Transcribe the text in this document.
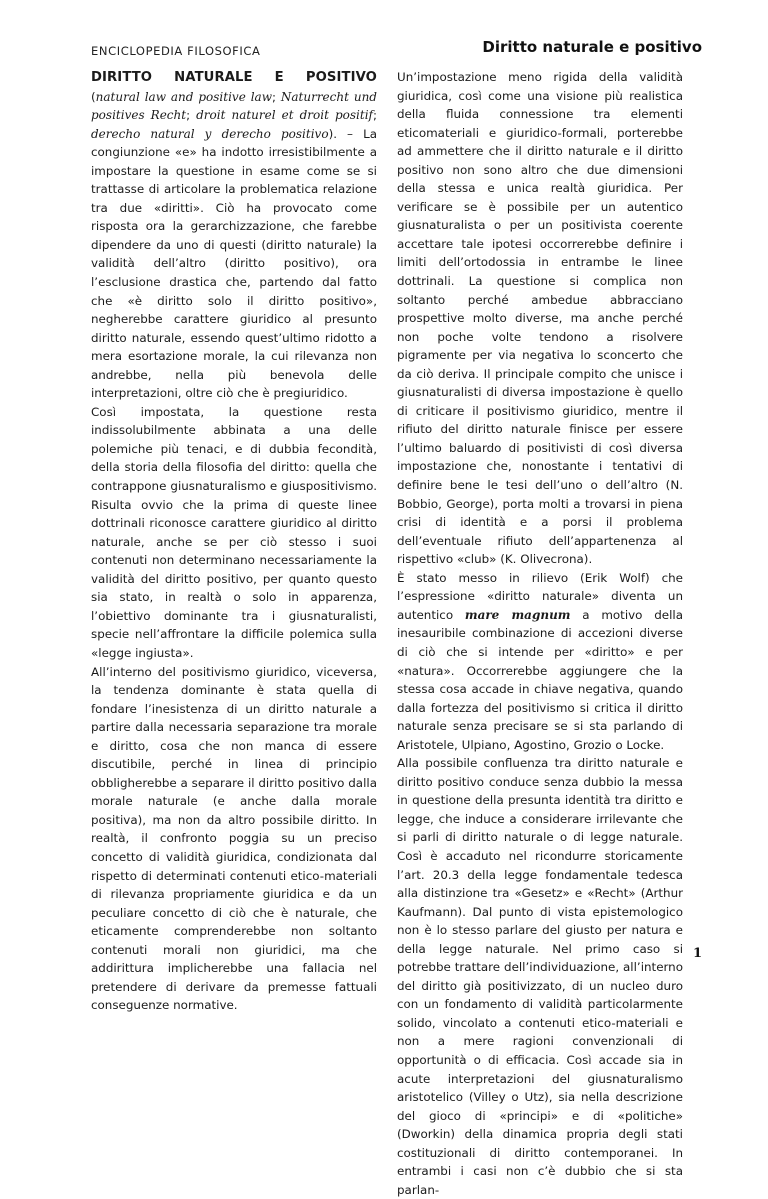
ENCICLOPEDIA FILOSOFICA	Diritto naturale e positivo

DIRITTO NATURALE E POSITIVO (natural law and positive law; Naturrecht und positives Recht; droit naturel et droit positif; derecho natural y derecho positivo). – La congiunzione «e» ha indotto irresistibilmente a impostare la questione in esame come se si trattasse di articolare la problematica relazione tra due «diritti». Ciò ha provocato come risposta ora la gerarchizzazione, che farebbe dipendere da uno di questi (diritto naturale) la validità dell’altro (diritto positivo), ora l’esclusione drastica che, partendo dal fatto che «è diritto solo il diritto positivo», negherebbe carattere giuridico al presunto diritto naturale, essendo quest’ultimo ridotto a mera esortazione morale, la cui rilevanza non andrebbe, nella più benevola delle interpretazioni, oltre ciò che è pregiuridico.

Così impostata, la questione resta indissolubilmente abbinata a una delle polemiche più tenaci, e di dubbia fecondità, della storia della filosofia del diritto: quella che contrappone giusnaturalismo e giuspositivismo. Risulta ovvio che la prima di queste linee dottrinali riconosce carattere giuridico al diritto naturale, anche se per ciò stesso i suoi contenuti non determinano necessariamente la validità del diritto positivo, per quanto questo sia stato, in realtà o solo in apparenza, l’obiettivo dominante tra i giusnaturalisti, specie nell’affrontare la difficile polemica sulla «legge ingiusta».

All’interno del positivismo giuridico, viceversa, la tendenza dominante è stata quella di fondare l’inesistenza di un diritto naturale a partire dalla necessaria separazione tra morale e diritto, cosa che non manca di essere discutibile, perché in linea di principio obbligherebbe a separare il diritto positivo dalla morale naturale (e anche dalla morale positiva), ma non da altro possibile diritto. In realtà, il confronto poggia su un preciso concetto di validità giuridica, condizionata dal rispetto di determinati contenuti etico-materiali di rilevanza propriamente giuridica e da un peculiare concetto di ciò che è naturale, che eticamente comprenderebbe non soltanto contenuti morali non giuridici, ma che addirittura implicherebbe una fallacia nel pretendere di derivare da premesse fattuali conseguenze normative.

Un’impostazione meno rigida della validità giuridica, così come una visione più realistica della fluida connessione tra elementi eticomateriali e giuridico-formali, porterebbe ad ammettere che il diritto naturale e il diritto positivo non sono altro che due dimensioni della stessa e unica realtà giuridica. Per verificare se è possibile per un autentico giusnaturalista o per un positivista coerente accettare tale ipotesi occorrerebbe definire i limiti dell’ortodossia in entrambe le linee dottrinali. La questione si complica non soltanto perché ambedue abbracciano prospettive molto diverse, ma anche perché non poche volte tendono a risolvere pigramente per via negativa lo sconcerto che da ciò deriva. Il principale compito che unisce i giusnaturalisti di diversa impostazione è quello di criticare il positivismo giuridico, mentre il rifiuto del diritto naturale finisce per essere l’ultimo baluardo di positivisti di così diversa impostazione che, nonostante i tentativi di definire bene le tesi dell’uno o dell’altro (N. Bobbio, George), porta molti a trovarsi in piena crisi di identità e a porsi il problema dell’eventuale rifiuto dell’appartenenza al rispettivo «club» (K. Olivecrona).

È stato messo in rilievo (Erik Wolf) che l’espressione «diritto naturale» diventa un autentico mare magnum a motivo della inesauribile combinazione di accezioni diverse di ciò che si intende per «diritto» e per «natura». Occorrerebbe aggiungere che la stessa cosa accade in chiave negativa, quando dalla fortezza del positivismo si critica il diritto naturale senza precisare se si sta parlando di Aristotele, Ulpiano, Agostino, Grozio o Locke.

Alla possibile confluenza tra diritto naturale e diritto positivo conduce senza dubbio la messa in questione della presunta identità tra diritto e legge, che induce a considerare irrilevante che si parli di diritto naturale o di legge naturale. Così è accaduto nel ricondurre storicamente l’art. 20.3 della legge fondamentale tedesca alla distinzione tra «Gesetz» e «Recht» (Arthur Kaufmann). Dal punto di vista epistemologico non è lo stesso parlare del giusto per natura e della legge naturale. Nel primo caso si potrebbe trattare dell’individuazione, all’interno del diritto già positivizzato, di un nucleo duro con un fondamento di validità particolarmente solido, vincolato a contenuti etico-materiali e non a mere ragioni convenzionali di opportunità o di efficacia. Così accade sia in acute interpretazioni del giusnaturalismo aristotelico (Villey o Utz), sia nella descrizione del gioco di «principi» e di «politiche» (Dworkin) della dinamica propria degli stati costituzionali di diritto contemporanei. In entrambi i casi non c’è dubbio che si sta parlan-

1
